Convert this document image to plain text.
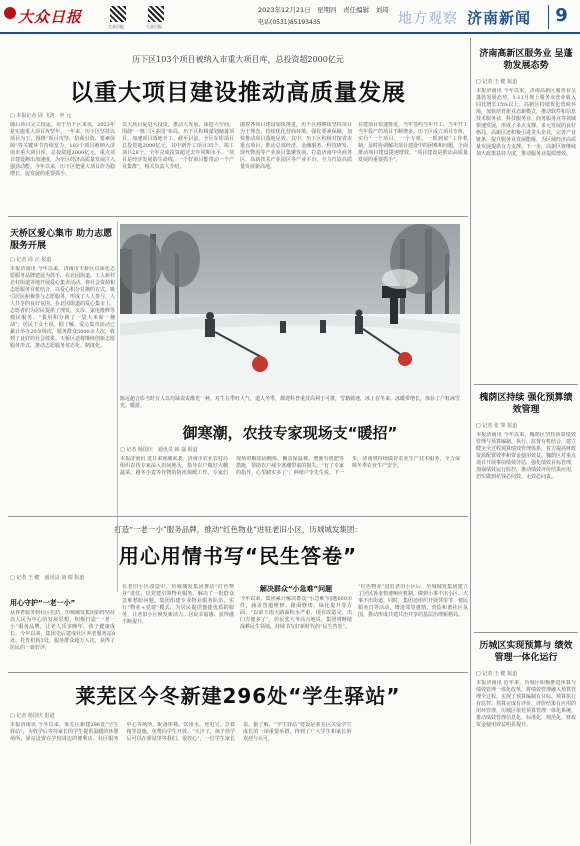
大众日报
大众日报	大众日报
2023年12月21日　星期四　责任编辑　刘琦
电话(0531)85193435	地方观察 济南新闻	9
历下区103个项目被纳入市重大项目库，总投资超2000亿元
以重大项目建设推动高质量发展
□ 本报记者 周 飞鸿　申 元
随后项目完工投运，对于历下区来说，2023年是实施重大项目攻坚年。一年来，历下区坚持以项目为王，围绕“项目攻坚、招商引资、要素保障”等关键环节持续发力，103个项目被纳入济南市重大项目库，总投资超2000亿元，重点项目建设跑出加速度，为全区经济高质量发展注入强劲动能。今年以来，历下区把重大项目作为稳增长、促发展的重要抓手，
以大项目促进大投资，推动大发展。深挖大空间，围绕“一核三区多园”布局，历下区积极谋划储备项目，加速项目落地开工。截至目前，全区在库项目总投资超2000亿元，其中新开工项目35个，竣工项目28个，全年完成投资超过去年同期水平。“项目是经济发展的生命线，一个好项目能带动一个产业集群”，相关负责人介绍，
随着各项目建设加快推进，历下区将继续坚持项目为王理念，持续优化营商环境，强化要素保障，加快推动项目落地见效。其中，历下区积极对接省市重点项目，推动总部经济、金融服务、科技研发、现代物流等产业项目集聚发展，打造济南中央商务区、高新技术产业园区等产业平台，全力打造高质量发展新高地。
在建项目快速推进，当年签约当年开工、当年开工当年投产的项目不断增多。历下区成立项目专班，实行“一个项目、一个专班、一抓到底”工作机制，及时协调解决项目建设中的困难和问题，全面推动项目建设提速增效。“项目建设是推动高质量发展的重要抓手”，
天桥区爱心集市 助力志愿服务开展
□ 记者 周 正 报道
本报济南讯 今年以来，济南市天桥区以深化志愿服务品牌建设为抓手，在北园街道、工人新村北村街道等地开展爱心集市活动，将社会资源和志愿服务有机结合，以爱心积分兑换的方式，吸引居民积极参与志愿服务，形成了人人参与、人人共享的良好氛围。在北园街道的爱心集市上，志愿者们为居民提供了理发、义诊、家电维修等便民服务。“我用积分换了一袋大米和一桶油”，居民王女士说。据了解，爱心集市活动已累计举办20余场次，服务群众5000余人次，收到了良好的社会效果。天桥区还将继续创新志愿服务形式，推动志愿服务常态化、制度化。
陈远超合影当时有人以均域说说激光一种，对生在季旺大气、道人冬季，都建科普重技高利于可推，雪籍骑速，冰上在冬来、冰暖带增长，体验了户虹冰雪光、暖游。
御寒潮，农技专家现场支“暖招”
□ 记者 杨国庆　通讯员 韩 磊 报道
本报济南讯 进日来寒潮来袭，济南市农业农村局组织农技专家深入田间地头，指导农户做好大棚蔬菜、越冬小麦等作物的防冻保暖工作。专家们现场讲解加固棚体、覆盖保温被、增施有机肥等措施，帮助农户减少寒潮带来的损失。“有了专家的指导，心里踏实多了”，种植户李先生说。下一步，济南将持续做好农业生产技术服务，全力保障冬季农业生产安全。
打造“一老一小”服务品牌，推动“红色物业”进驻老旧小区，历城城发集团：
用心用情书写“民生答卷”
□ 记者 王 健　通讯员 刘 瑞 报道
用心守护“一老一小”
从养老服务到社区托幼，历城城发集团始终坚持以人民为中心的发展思想，积极打造“一老一小”服务品牌，让老人乐享晚年、孩子健康成长。今年以来，集团先后建成社区养老服务站8处、托育机构3处，服务群众超万人次，获得了居民的一致好评。
在老旧小区改造中，历城城发集团推动“红色物业”进驻，以党建引领物业服务，解决了一批群众急难愁盼问题。集团组建专业物业服务队伍，实行“物业+党建”模式，为居民提供便捷优质的服务，让老旧小区焕发新活力，居民幸福感、获得感不断提升。
解决群众“小急难”问题
今年以来，集团累计解决群众“小急难”问题600余件，涵盖管道维修、路面修缮、绿化提升等方面。“以前下雨天路面积水严重，现在改造完，出门方便多了”，居民张大爷高兴地说。集团将继续深耕民生领域，持续书写好新时代的“民生答卷”。
“红色物业”进驻老旧小区后，历城城发集团建立了居民诉求快速响应机制，做到小事不出小区、大事不出街道。同时，集团还组织开展邻里节、便民服务日等活动，增进邻里感情，营造和谐社区氛围，推动形成共建共治共享的基层治理新格局。
莱芜区今冬新建296处“学生驿站”
□ 记者 杨国庆 报道
本报济南讯 今冬以来，莱芜区新建296处“学生驿站”，为放学后等待家长的学生提供温暖的休憩场所。驿站设置在学校周边的便利店、社区服务中心等场所，配备座椅、饮用水、充电宝、急救箱等设施，免费向学生开放。“天冷了，孩子放学后可以在驿站里等我们，很放心”，一位学生家长说。据了解，“学生驿站”建设是莱芜区关爱学生成长的一项重要举措，得到了广大学生和家长的欢迎与认可。
济南高新区服务业 呈蓬勃发展态势
□ 记者 王 健 报道
本报济南讯 今年以来，济南高新区服务业呈蓬勃发展态势，1-11月规上服务业营业收入同比增长15%以上。高新区持续优化营商环境，加快培育新业态新模式，推动软件和信息技术服务业、科技服务业、商务服务业等领域快速发展，形成了多点支撑、多元发展的良好格局。高新区还积极引进龙头企业，完善产业链条，提升服务业发展能级，为区域经济高质量发展提供有力支撑。下一步，高新区将继续加大政策扶持力度，推动服务业提质增效。
槐荫区持续 强化预算绩效管理
□ 记者 张 霁 报道
本报济南讯 今年以来，槐荫区坚持预算绩效管理与预算编制、执行、监督有机结合，建立健全全过程预算绩效管理体系，着力提高财政资源配置效率和资金使用效益。槐荫区对重点项目开展事前绩效评估，强化绩效目标管理，加强绩效运行监控，推动绩效评价结果应用，切实做到花钱必问效、无效必问责。
历城区实现预算与 绩效管理一体化运行
□ 记者 王 健 报道
本报济南讯 近年来，历城区积极推进预算与绩效管理一体化改革，将绩效管理融入预算管理全过程，实现了预算编制有目标、预算执行有监控、预算完成有评价、评价结果有应用的闭环管理。历城区依托预算管理一体化系统，推动绩效管理信息化、标准化、规范化，财政资金使用效益明显提升。
